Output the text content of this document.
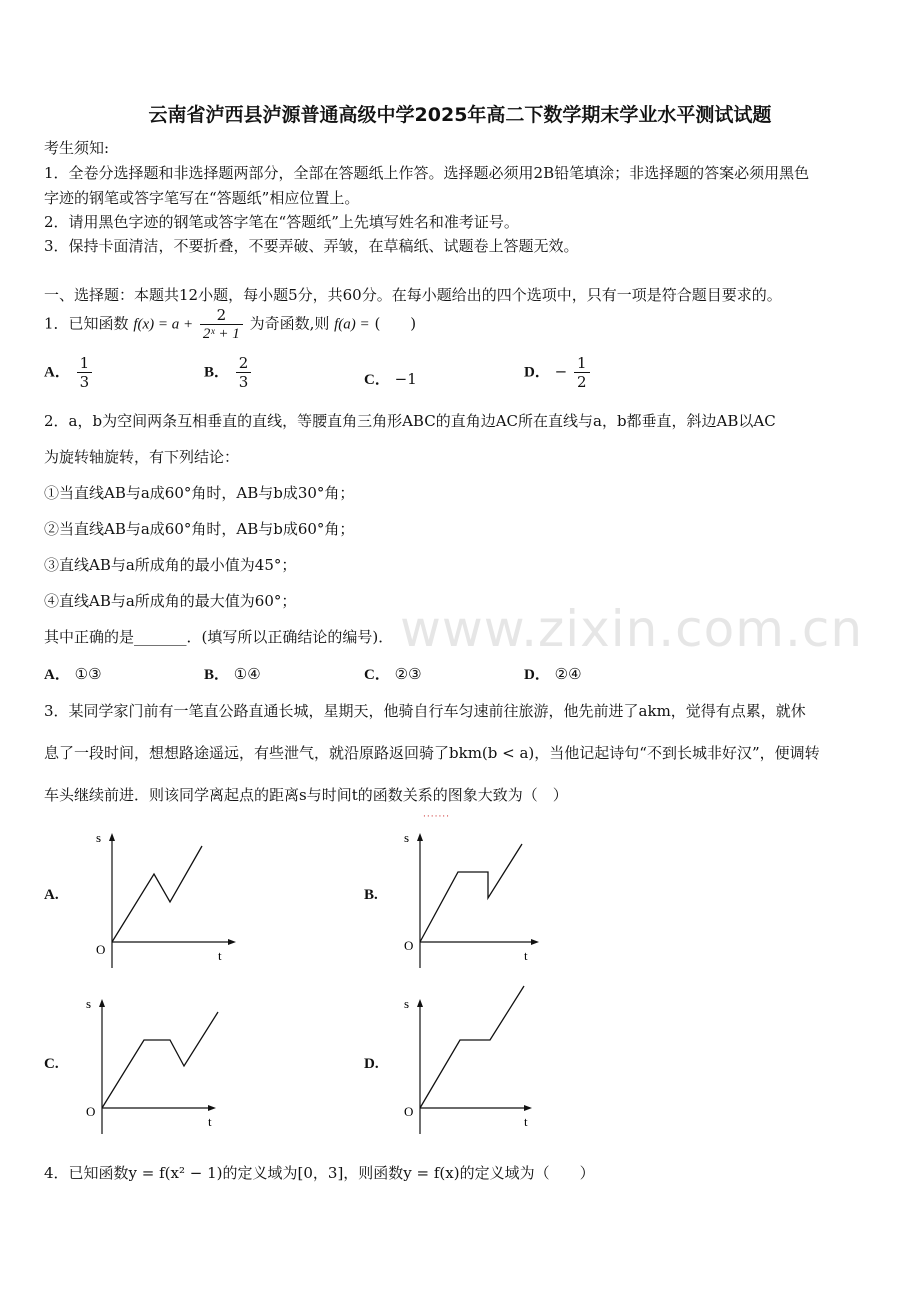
云南省泸西县泸源普通高级中学2025年高二下数学期末学业水平测试试题
考生须知:
1．全卷分选择题和非选择题两部分，全部在答题纸上作答。选择题必须用2B铅笔填涂；非选择题的答案必须用黑色
字迹的钢笔或答字笔写在“答题纸”相应位置上。
2．请用黑色字迹的钢笔或答字笔在“答题纸”上先填写姓名和准考证号。
3．保持卡面清洁，不要折叠，不要弄破、弄皱，在草稿纸、试题卷上答题无效。
一、选择题：本题共12小题，每小题5分，共60分。在每小题给出的四个选项中，只有一项是符合题目要求的。
1．已知函数 $f(x) = a + \frac{2}{\text{2ˣ + 1}}$ 为奇函数,则 f(a) = (　　)
A． $\frac{1}{3}$	B． $\frac{2}{3}$	C． −1	D． − $\frac{1}{2}$
2．a，b为空间两条互相垂直的直线，等腰直角三角形ABC的直角边AC所在直线与a，b都垂直，斜边AB以AC
为旋转轴旋转，有下列结论：
①当直线AB与a成60°角时，AB与b成30°角；
②当直线AB与a成60°角时，AB与b成60°角；
③直线AB与a所成角的最小值为45°；
④直线AB与a所成角的最大值为60°；
其中正确的是_______．(填写所以正确结论的编号)． www.zixin.com.cn
A． ①③	B． ①④	C． ②③	D． ②④
3．某同学家门前有一笔直公路直通长城，星期天，他骑自行车匀速前往旅游，他先前进了akm，觉得有点累，就休
息了一段时间，想想路途遥远，有些泄气，就沿原路返回骑了bkm(b < a)，当他记起诗句“不到长城非好汉”，便调转
车头继续前进．则该同学离起点的距离s与时间t的函数关系的图象大致为（　）
·······
A.
s
t
O
B.
s
t
O
C.
s
t
O
D.
s
t
O
4．已知函数y = f(x² − 1)的定义域为[0，3]，则函数y = f(x)的定义域为（　　）
